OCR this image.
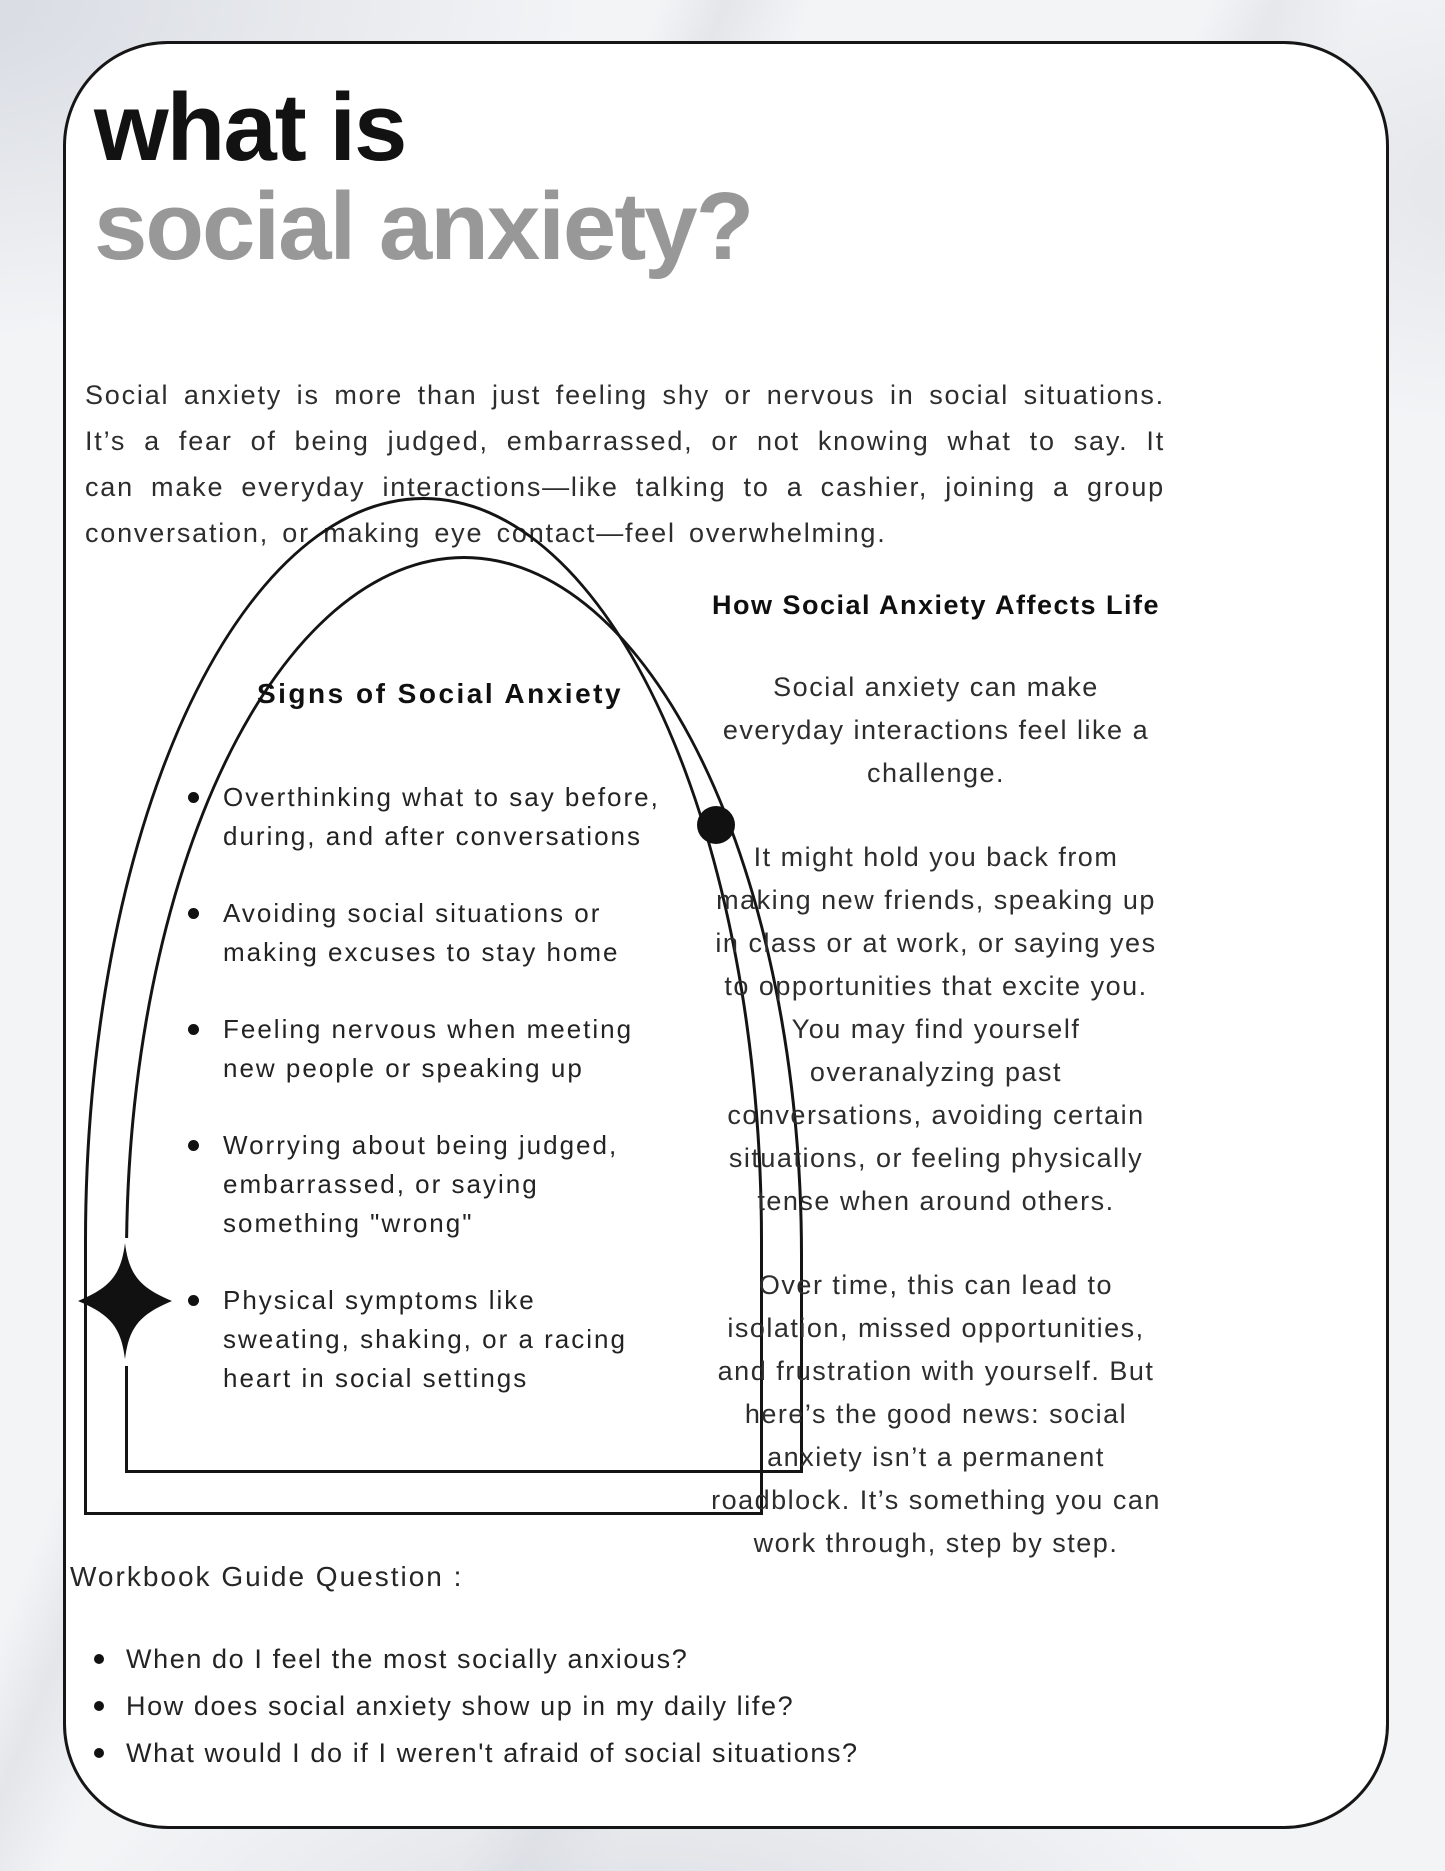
what is
social anxiety?
Social anxiety is more than just feeling shy or nervous in social situations. It’s a fear of being judged, embarrassed, or not knowing what to say. It can make everyday interactions—like talking to a cashier, joining a group conversation, or making eye contact—feel overwhelming.
Signs of Social Anxiety
Overthinking what to say before, during, and after conversations
Avoiding social situations or making excuses to stay home
Feeling nervous when meeting new people or speaking up
Worrying about being judged, embarrassed, or saying something "wrong"
Physical symptoms like sweating, shaking, or a racing heart in social settings
How Social Anxiety Affects Life

Social anxiety can make everyday interactions feel like a challenge.

It might hold you back from making new friends, speaking up in class or at work, or saying yes to opportunities that excite you. You may find yourself overanalyzing past conversations, avoiding certain situations, or feeling physically tense when around others.

Over time, this can lead to isolation, missed opportunities, and frustration with yourself. But here’s the good news: social anxiety isn’t a permanent roadblock. It’s something you can work through, step by step.

Workbook Guide Question :
When do I feel the most socially anxious?
How does social anxiety show up in my daily life?
What would I do if I weren't afraid of social situations?
